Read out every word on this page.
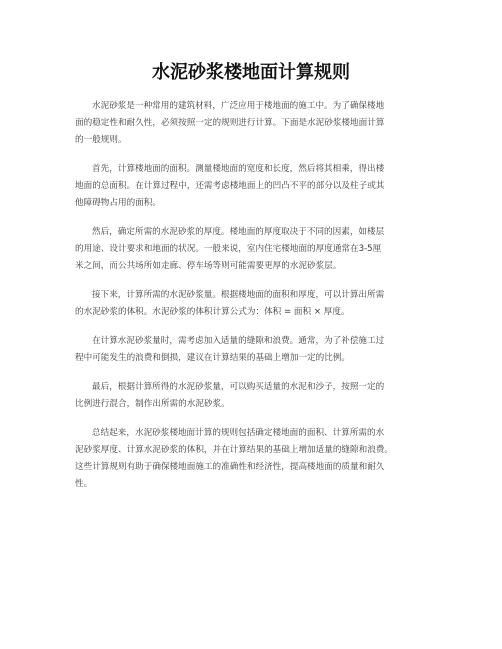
水泥砂浆楼地面计算规则

水泥砂浆是一种常用的建筑材料，广泛应用于楼地面的施工中。为了确保楼地
面的稳定性和耐久性，必须按照一定的规则进行计算。下面是水泥砂浆楼地面计算
的一般规则。

首先，计算楼地面的面积。测量楼地面的宽度和长度，然后将其相乘，得出楼
地面的总面积。在计算过程中，还需考虑楼地面上的凹凸不平的部分以及柱子或其
他障碍物占用的面积。

然后，确定所需的水泥砂浆的厚度。楼地面的厚度取决于不同的因素，如楼层
的用途、设计要求和地面的状况。一般来说，室内住宅楼地面的厚度通常在3-5厘
米之间，而公共场所如走廊、停车场等则可能需要更厚的水泥砂浆层。

接下来，计算所需的水泥砂浆量。根据楼地面的面积和厚度，可以计算出所需
的水泥砂浆的体积。水泥砂浆的体积计算公式为：体积 = 面积 × 厚度。

在计算水泥砂浆量时，需考虑加入适量的缝隙和浪费。通常，为了补偿施工过
程中可能发生的浪费和倒损，建议在计算结果的基础上增加一定的比例。

最后，根据计算所得的水泥砂浆量，可以购买适量的水泥和沙子，按照一定的
比例进行混合，制作出所需的水泥砂浆。

总结起来，水泥砂浆楼地面计算的规则包括确定楼地面的面积、计算所需的水
泥砂浆厚度、计算水泥砂浆的体积，并在计算结果的基础上增加适量的缝隙和浪费。
这些计算规则有助于确保楼地面施工的准确性和经济性，提高楼地面的质量和耐久
性。
